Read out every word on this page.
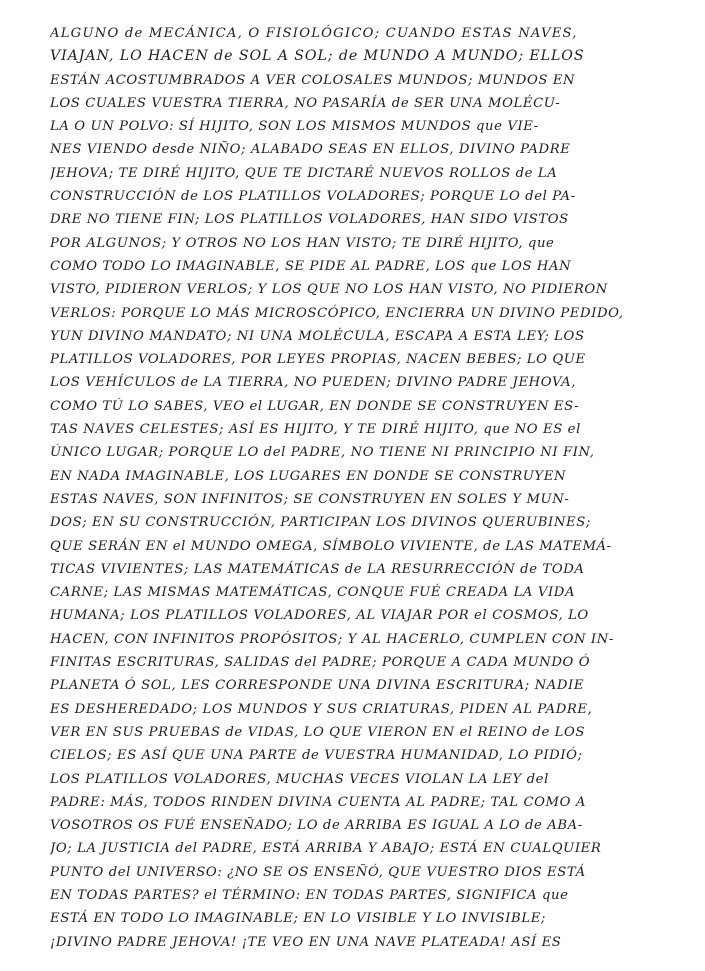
ALGUNO de MECÁNICA, O FISIOLÓGICO; CUANDO ESTAS NAVES,
VIAJAN, LO HACEN de SOL A SOL; de MUNDO A MUNDO; ELLOS
ESTÁN ACOSTUMBRADOS A VER COLOSALES MUNDOS; MUNDOS EN
LOS CUALES VUESTRA TIERRA, NO PASARÍA de SER UNA MOLÉCU-
LA O UN POLVO: SÍ HIJITO, SON LOS MISMOS MUNDOS que VIE-
NES VIENDO desde NIÑO; ALABADO SEAS EN ELLOS, DIVINO PADRE
JEHOVA; TE DIRÉ HIJITO, QUE TE DICTARÉ NUEVOS ROLLOS de LA
CONSTRUCCIÓN de LOS PLATILLOS VOLADORES; PORQUE LO del PA-
DRE NO TIENE FIN; LOS PLATILLOS VOLADORES, HAN SIDO VISTOS
POR ALGUNOS; Y OTROS NO LOS HAN VISTO; TE DIRÉ HIJITO, que
COMO TODO LO IMAGINABLE, SE PIDE AL PADRE, LOS que LOS HAN
VISTO, PIDIERON VERLOS; Y LOS QUE NO LOS HAN VISTO, NO PIDIERON
VERLOS: PORQUE LO MÁS MICROSCÓPICO, ENCIERRA UN DIVINO PEDIDO,
YUN DIVINO MANDATO; NI UNA MOLÉCULA, ESCAPA A ESTA LEY; LOS
PLATILLOS VOLADORES, POR LEYES PROPIAS, NACEN BEBES; LO QUE
LOS VEHÍCULOS de LA TIERRA, NO PUEDEN; DIVINO PADRE JEHOVA,
COMO TÚ LO SABES, VEO el LUGAR, EN DONDE SE CONSTRUYEN ES-
TAS NAVES CELESTES; ASÍ ES HIJITO, Y TE DIRÉ HIJITO, que NO ES el
ÚNICO LUGAR; PORQUE LO del PADRE, NO TIENE NI PRINCIPIO NI FIN,
EN NADA IMAGINABLE, LOS LUGARES EN DONDE SE CONSTRUYEN
ESTAS NAVES, SON INFINITOS; SE CONSTRUYEN EN SOLES Y MUN-
DOS; EN SU CONSTRUCCIÓN, PARTICIPAN LOS DIVINOS QUERUBINES;
QUE SERÁN EN el MUNDO OMEGA, SÍMBOLO VIVIENTE, de LAS MATEMÁ-
TICAS VIVIENTES; LAS MATEMÁTICAS de LA RESURRECCIÓN de TODA
CARNE; LAS MISMAS MATEMÁTICAS, CONQUE FUÉ CREADA LA VIDA
HUMANA; LOS PLATILLOS VOLADORES, AL VIAJAR POR el COSMOS, LO
HACEN, CON INFINITOS PROPÓSITOS; Y AL HACERLO, CUMPLEN CON IN-
FINITAS ESCRITURAS, SALIDAS del PADRE; PORQUE A CADA MUNDO Ó
PLANETA Ó SOL, LES CORRESPONDE UNA DIVINA ESCRITURA; NADIE
ES DESHEREDADO; LOS MUNDOS Y SUS CRIATURAS, PIDEN AL PADRE,
VER EN SUS PRUEBAS de VIDAS, LO QUE VIERON EN el REINO de LOS
CIELOS; ES ASÍ QUE UNA PARTE de VUESTRA HUMANIDAD, LO PIDIÓ;
LOS PLATILLOS VOLADORES, MUCHAS VECES VIOLAN LA LEY del
PADRE: MÁS, TODOS RINDEN DIVINA CUENTA AL PADRE; TAL COMO A
VOSOTROS OS FUÉ ENSEÑADO; LO de ARRIBA ES IGUAL A LO de ABA-
JO; LA JUSTICIA del PADRE, ESTÁ ARRIBA Y ABAJO; ESTÁ EN CUALQUIER
PUNTO del UNIVERSO: ¿NO SE OS ENSEÑÓ, QUE VUESTRO DIOS ESTÁ
EN TODAS PARTES? el TÉRMINO: EN TODAS PARTES, SIGNIFICA que
ESTÁ EN TODO LO IMAGINABLE; EN LO VISIBLE Y LO INVISIBLE;
¡DIVINO PADRE JEHOVA! ¡TE VEO EN UNA NAVE PLATEADA! ASÍ ES
